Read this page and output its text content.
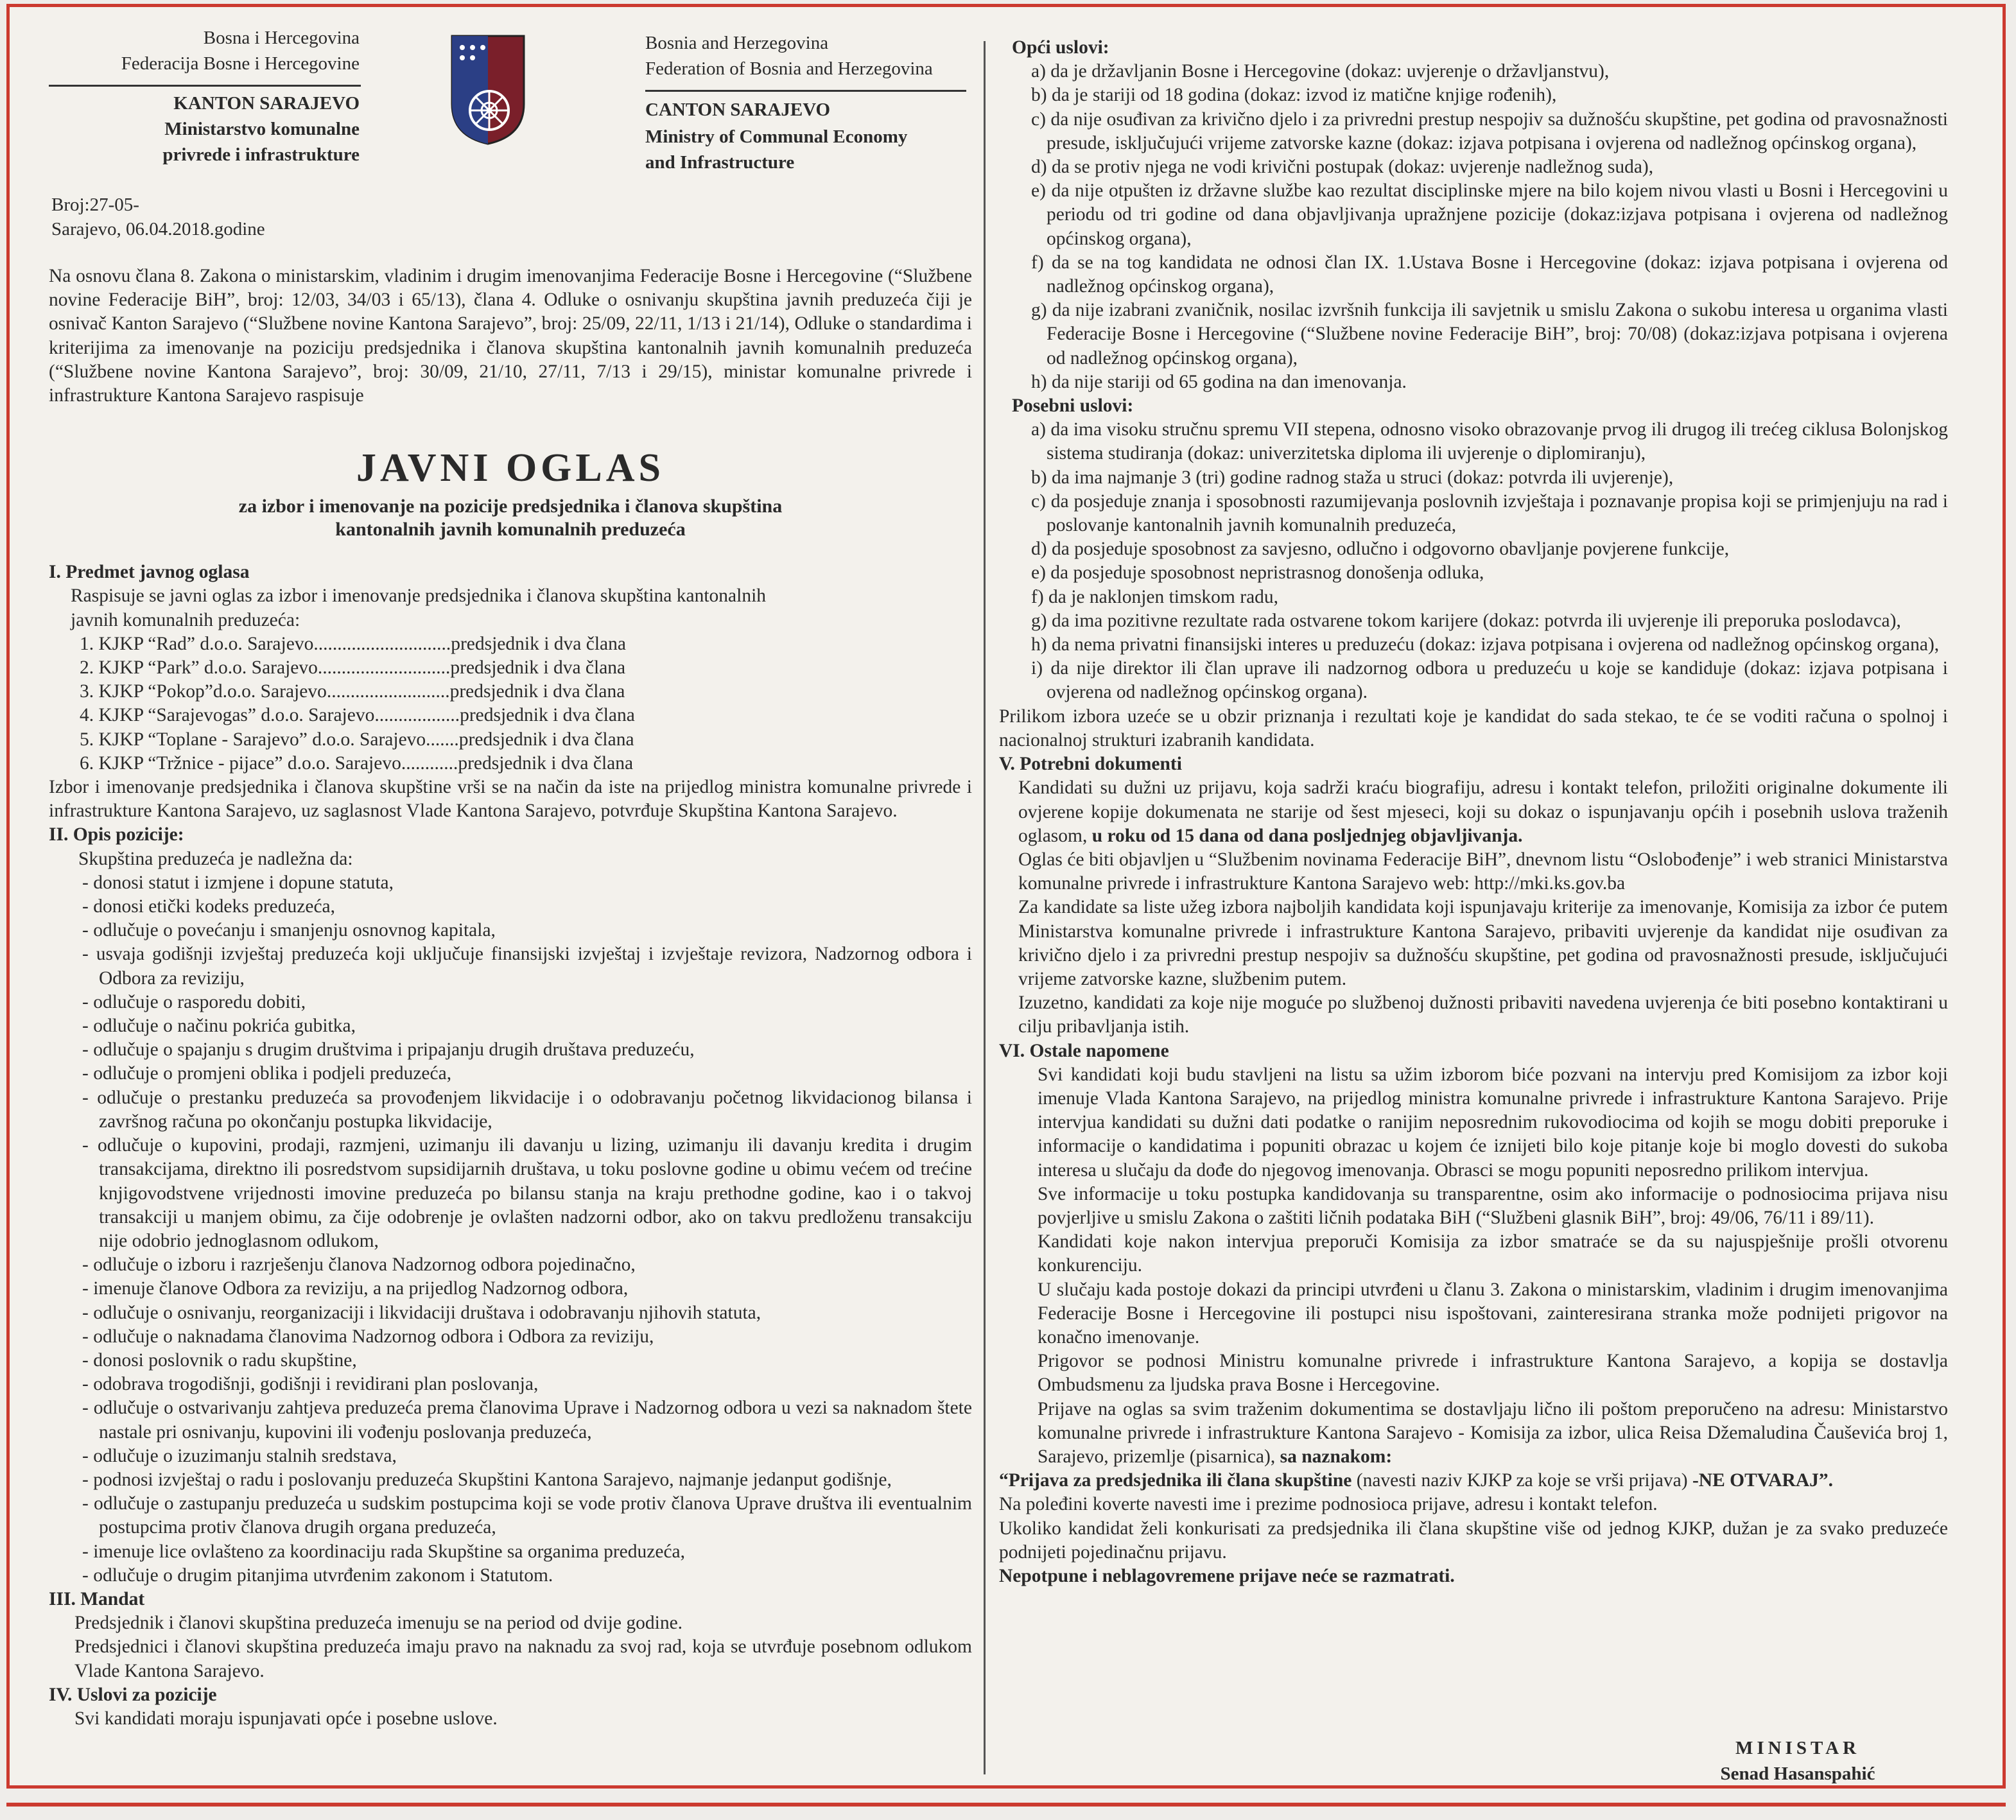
Bosna i Hercegovina
Federacija Bosne i Hercegovine
KANTON SARAJEVO
Ministarstvo komunalne
privrede i infrastrukture
Bosnia and Herzegovina
Federation of Bosnia and Herzegovina
CANTON SARAJEVO
Ministry of Communal Economy
and Infrastructure
Broj:27-05-
Sarajevo, 06.04.2018.godine

Na osnovu člana 8. Zakona o ministarskim, vladinim i drugim imenovanjima Federacije Bosne i Hercegovine (“Službene novine Federacije BiH”, broj: 12/03, 34/03 i 65/13), člana 4. Odluke o osnivanju skupština javnih preduzeća čiji je osnivač Kanton Sarajevo (“Službene novine Kantona Sarajevo”, broj: 25/09, 22/11, 1/13 i 21/14), Odluke o standardima i kriterijima za imenovanje na poziciju predsjednika i članova skupština kantonalnih javnih komunalnih preduzeća (“Službene novine Kantona Sarajevo”, broj: 30/09, 21/10, 27/11, 7/13 i 29/15), ministar komunalne privrede i infrastrukture Kantona Sarajevo raspisuje

JAVNI OGLAS
za izbor i imenovanje na pozicije predsjednika i članova skupština
kantonalnih javnih komunalnih preduzeća
I. Predmet javnog oglasa
Raspisuje se javni oglas za izbor i imenovanje predsjednika i članova skupština kantonalnih javnih komunalnih preduzeća:
1. KJKP “Rad” d.o.o. Sarajevo.............................predsjednik i dva člana
2. KJKP “Park” d.o.o. Sarajevo............................predsjednik i dva člana
3. KJKP “Pokop”d.o.o. Sarajevo..........................predsjednik i dva člana
4. KJKP “Sarajevogas” d.o.o. Sarajevo..................predsjednik i dva člana
5. KJKP “Toplane - Sarajevo” d.o.o. Sarajevo.......predsjednik i dva člana
6. KJKP “Tržnice - pijace” d.o.o. Sarajevo............predsjednik i dva člana

Izbor i imenovanje predsjednika i članova skupštine vrši se na način da iste na prijedlog ministra komunalne privrede i infrastrukture Kantona Sarajevo, uz saglasnost Vlade Kantona Sarajevo, potvrđuje Skupština Kantona Sarajevo.

II. Opis pozicije:
Skupština preduzeća je nadležna da:
- donosi statut i izmjene i dopune statuta,
- donosi etički kodeks preduzeća,
- odlučuje o povećanju i smanjenju osnovnog kapitala,
- usvaja godišnji izvještaj preduzeća koji uključuje finansijski izvještaj i izvještaje revizora, Nadzornog odbora i Odbora za reviziju,
- odlučuje o rasporedu dobiti,
- odlučuje o načinu pokrića gubitka,
- odlučuje o spajanju s drugim društvima i pripajanju drugih društava preduzeću,
- odlučuje o promjeni oblika i podjeli preduzeća,
- odlučuje o prestanku preduzeća sa provođenjem likvidacije i o odobravanju početnog likvidacionog bilansa i završnog računa po okončanju postupka likvidacije,
- odlučuje o kupovini, prodaji, razmjeni, uzimanju ili davanju u lizing, uzimanju ili davanju kredita i drugim transakcijama, direktno ili posredstvom supsidijarnih društava, u toku poslovne godine u obimu većem od trećine knjigovodstvene vrijednosti imovine preduzeća po bilansu stanja na kraju prethodne godine, kao i o takvoj transakciji u manjem obimu, za čije odobrenje je ovlašten nadzorni odbor, ako on takvu predloženu transakciju nije odobrio jednoglasnom odlukom,
- odlučuje o izboru i razrješenju članova Nadzornog odbora pojedinačno,
- imenuje članove Odbora za reviziju, a na prijedlog Nadzornog odbora,
- odlučuje o osnivanju, reorganizaciji i likvidaciji društava i odobravanju njihovih statuta,
- odlučuje o naknadama članovima Nadzornog odbora i Odbora za reviziju,
- donosi poslovnik o radu skupštine,
- odobrava trogodišnji, godišnji i revidirani plan poslovanja,
- odlučuje o ostvarivanju zahtjeva preduzeća prema članovima Uprave i Nadzornog odbora u vezi sa naknadom štete nastale pri osnivanju, kupovini ili vođenju poslovanja preduzeća,
- odlučuje o izuzimanju stalnih sredstava,
- podnosi izvještaj o radu i poslovanju preduzeća Skupštini Kantona Sarajevo, najmanje jedanput godišnje,
- odlučuje o zastupanju preduzeća u sudskim postupcima koji se vode protiv članova Uprave društva ili eventualnim postupcima protiv članova drugih organa preduzeća,
- imenuje lice ovlašteno za koordinaciju rada Skupštine sa organima preduzeća,
- odlučuje o drugim pitanjima utvrđenim zakonom i Statutom.
III. Mandat
Predsjednik i članovi skupština preduzeća imenuju se na period od dvije godine.
Predsjednici i članovi skupština preduzeća imaju pravo na naknadu za svoj rad, koja se utvrđuje posebnom odlukom Vlade Kantona Sarajevo.
IV. Uslovi za pozicije
Svi kandidati moraju ispunjavati opće i posebne uslove.
Opći uslovi:
a) da je državljanin Bosne i Hercegovine (dokaz: uvjerenje o državljanstvu),
b) da je stariji od 18 godina (dokaz: izvod iz matične knjige rođenih),
c) da nije osuđivan za krivično djelo i za privredni prestup nespojiv sa dužnošću skupštine, pet godina od pravosnažnosti presude, isključujući vrijeme zatvorske kazne (dokaz: izjava potpisana i ovjerena od nadležnog općinskog organa),
d) da se protiv njega ne vodi krivični postupak (dokaz: uvjerenje nadležnog suda),
e) da nije otpušten iz državne službe kao rezultat disciplinske mjere na bilo kojem nivou vlasti u Bosni i Hercegovini u periodu od tri godine od dana objavljivanja upražnjene pozicije (dokaz:izjava potpisana i ovjerena od nadležnog općinskog organa),
f) da se na tog kandidata ne odnosi član IX. 1.Ustava Bosne i Hercegovine (dokaz: izjava potpisana i ovjerena od nadležnog općinskog organa),
g) da nije izabrani zvaničnik, nosilac izvršnih funkcija ili savjetnik u smislu Zakona o sukobu interesa u organima vlasti Federacije Bosne i Hercegovine (“Službene novine Federacije BiH”, broj: 70/08) (dokaz:izjava potpisana i ovjerena od nadležnog općinskog organa),
h) da nije stariji od 65 godina na dan imenovanja.
Posebni uslovi:
a) da ima visoku stručnu spremu VII stepena, odnosno visoko obrazovanje prvog ili drugog ili trećeg ciklusa Bolonjskog sistema studiranja (dokaz: univerzitetska diploma ili uvjerenje o diplomiranju),
b) da ima najmanje 3 (tri) godine radnog staža u struci (dokaz: potvrda ili uvjerenje),
c) da posjeduje znanja i sposobnosti razumijevanja poslovnih izvještaja i poznavanje propisa koji se primjenjuju na rad i poslovanje kantonalnih javnih komunalnih preduzeća,
d) da posjeduje sposobnost za savjesno, odlučno i odgovorno obavljanje povjerene funkcije,
e) da posjeduje sposobnost nepristrasnog donošenja odluka,
f) da je naklonjen timskom radu,
g) da ima pozitivne rezultate rada ostvarene tokom karijere (dokaz: potvrda ili uvjerenje ili preporuka poslodavca),
h) da nema privatni finansijski interes u preduzeću (dokaz: izjava potpisana i ovjerena od nadležnog općinskog organa),
i) da nije direktor ili član uprave ili nadzornog odbora u preduzeću u koje se kandiduje (dokaz: izjava potpisana i ovjerena od nadležnog općinskog organa).

Prilikom izbora uzeće se u obzir priznanja i rezultati koje je kandidat do sada stekao, te će se voditi računa o spolnoj i nacionalnoj strukturi izabranih kandidata.

V. Potrebni dokumenti

Kandidati su dužni uz prijavu, koja sadrži kraću biografiju, adresu i kontakt telefon, priložiti originalne dokumente ili ovjerene kopije dokumenata ne starije od šest mjeseci, koji su dokaz o ispunjavanju općih i posebnih uslova traženih oglasom, u roku od 15 dana od dana posljednjeg objavljivanja.

Oglas će biti objavljen u “Službenim novinama Federacije BiH”, dnevnom listu “Oslobođenje” i web stranici Ministarstva komunalne privrede i infrastrukture Kantona Sarajevo web: http://mki.ks.gov.ba

Za kandidate sa liste užeg izbora najboljih kandidata koji ispunjavaju kriterije za imenovanje, Komisija za izbor će putem Ministarstva komunalne privrede i infrastrukture Kantona Sarajevo, pribaviti uvjerenje da kandidat nije osuđivan za krivično djelo i za privredni prestup nespojiv sa dužnošću skupštine, pet godina od pravosnažnosti presude, isključujući vrijeme zatvorske kazne, službenim putem.

Izuzetno, kandidati za koje nije moguće po službenoj dužnosti pribaviti navedena uvjerenja će biti posebno kontaktirani u cilju pribavljanja istih.

VI. Ostale napomene

Svi kandidati koji budu stavljeni na listu sa užim izborom biće pozvani na intervju pred Komisijom za izbor koji imenuje Vlada Kantona Sarajevo, na prijedlog ministra komunalne privrede i infrastrukture Kantona Sarajevo. Prije intervjua kandidati su dužni dati podatke o ranijim neposrednim rukovodiocima od kojih se mogu dobiti preporuke i informacije o kandidatima i popuniti obrazac u kojem će iznijeti bilo koje pitanje koje bi moglo dovesti do sukoba interesa u slučaju da dođe do njegovog imenovanja. Obrasci se mogu popuniti neposredno prilikom intervjua.

Sve informacije u toku postupka kandidovanja su transparentne, osim ako informacije o podnosiocima prijava nisu povjerljive u smislu Zakona o zaštiti ličnih podataka BiH (“Službeni glasnik BiH”, broj: 49/06, 76/11 i 89/11).

Kandidati koje nakon intervjua preporuči Komisija za izbor smatraće se da su najuspješnije prošli otvorenu konkurenciju.

U slučaju kada postoje dokazi da principi utvrđeni u članu 3. Zakona o ministarskim, vladinim i drugim imenovanjima Federacije Bosne i Hercegovine ili postupci nisu ispoštovani, zainteresirana stranka može podnijeti prigovor na konačno imenovanje.

Prigovor se podnosi Ministru komunalne privrede i infrastrukture Kantona Sarajevo, a kopija se dostavlja Ombudsmenu za ljudska prava Bosne i Hercegovine.

Prijave na oglas sa svim traženim dokumentima se dostavljaju lično ili poštom preporučeno na adresu: Ministarstvo komunalne privrede i infrastrukture Kantona Sarajevo - Komisija za izbor, ulica Reisa Džemaludina Čauševića broj 1, Sarajevo, prizemlje (pisarnica), sa naznakom:

“Prijava za predsjednika ili člana skupštine (navesti naziv KJKP za koje se vrši prijava) -NE OTVARAJ”.

Na poleđini koverte navesti ime i prezime podnosioca prijave, adresu i kontakt telefon.

Ukoliko kandidat želi konkurisati za predsjednika ili člana skupštine više od jednog KJKP, dužan je za svako preduzeće podnijeti pojedinačnu prijavu.

Nepotpune i neblagovremene prijave neće se razmatrati.

MINISTAR
Senad Hasanspahić
